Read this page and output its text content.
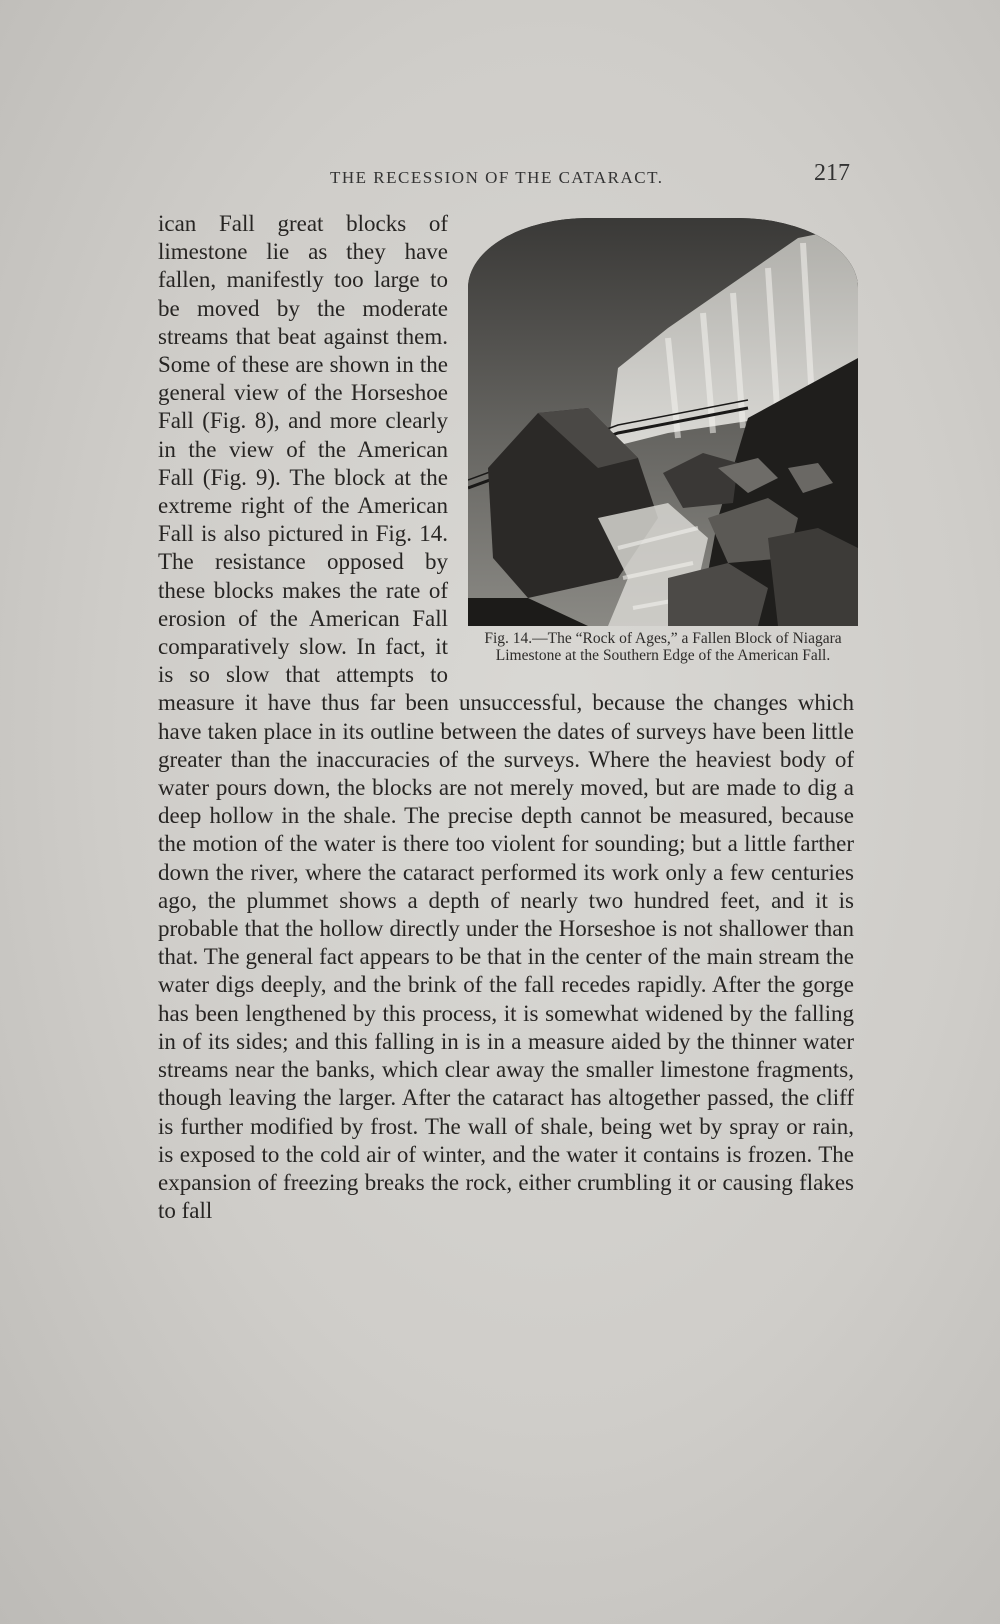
THE RECESSION OF THE CATARACT.	217
Fig. 14.—The “Rock of Ages,” a Fallen Block of Niagara Limestone at the Southern Edge of the American Fall.

ican Fall great blocks of limestone lie as they have fallen, manifestly too large to be moved by the moderate streams that beat against them. Some of these are shown in the general view of the Horseshoe Fall (Fig. 8), and more clearly in the view of the American Fall (Fig. 9). The block at the extreme right of the American Fall is also pictured in Fig. 14. The resistance opposed by these blocks makes the rate of erosion of the American Fall comparatively slow. In fact, it is so slow that attempts to measure it have thus far been unsuccessful, because the changes which have taken place in its outline between the dates of surveys have been little greater than the inaccuracies of the surveys. Where the heaviest body of water pours down, the blocks are not merely moved, but are made to dig a deep hollow in the shale. The precise depth cannot be measured, because the motion of the water is there too violent for sounding; but a little farther down the river, where the cataract performed its work only a few centuries ago, the plummet shows a depth of nearly two hundred feet, and it is probable that the hollow directly under the Horseshoe is not shallower than that. The general fact appears to be that in the center of the main stream the water digs deeply, and the brink of the fall recedes rapidly. After the gorge has been lengthened by this process, it is somewhat widened by the falling in of its sides; and this falling in is in a measure aided by the thinner water streams near the banks, which clear away the smaller limestone fragments, though leaving the larger. After the cataract has altogether passed, the cliff is further modified by frost. The wall of shale, being wet by spray or rain, is exposed to the cold air of winter, and the water it contains is frozen. The expansion of freezing breaks the rock, either crumbling it or causing flakes to fall
